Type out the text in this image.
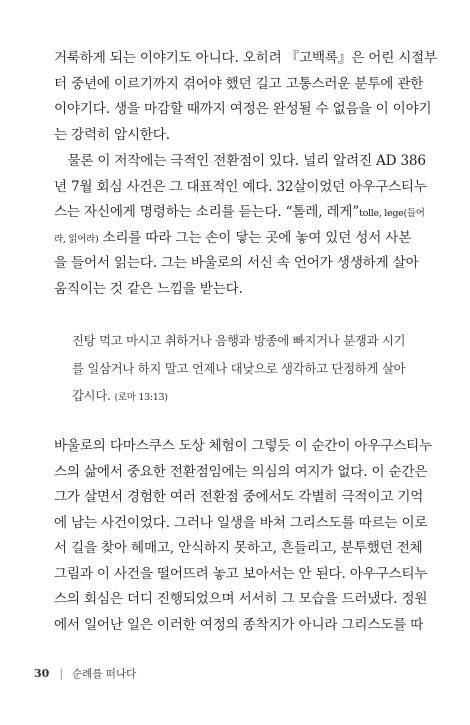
거룩하게 되는 이야기도 아니다. 오히려 『고백록』은 어린 시절부
터 중년에 이르기까지 겪어야 했던 길고 고통스러운 분투에 관한
이야기다. 생을 마감할 때까지 여정은 완성될 수 없음을 이 이야기
는 강력히 암시한다.
　물론 이 저작에는 극적인 전환점이 있다. 널리 알려진 AD 386
년 7월 회심 사건은 그 대표적인 예다. 32살이었던 아우구스티누
스는 자신에게 명령하는 소리를 듣는다. “톨레, 레게”tolle, lege(들어
라, 읽어라) 소리를 따라 그는 손이 닿는 곳에 놓여 있던 성서 사본
을 들어서 읽는다. 그는 바울로의 서신 속 언어가 생생하게 살아
움직이는 것 같은 느낌을 받는다.
진탕 먹고 마시고 취하거나 음행과 방종에 빠지거나 분쟁과 시기
를 일삼거나 하지 말고 언제나 대낮으로 생각하고 단정하게 살아
갑시다. (로마 13:13)
바울로의 다마스쿠스 도상 체험이 그렇듯 이 순간이 아우구스티누
스의 삶에서 중요한 전환점임에는 의심의 여지가 없다. 이 순간은
그가 살면서 경험한 여러 전환점 중에서도 각별히 극적이고 기억
에 남는 사건이었다. 그러나 일생을 바쳐 그리스도를 따르는 이로
서 길을 찾아 헤매고, 안식하지 못하고, 흔들리고, 분투했던 전체
그림과 이 사건을 떨어뜨려 놓고 보아서는 안 된다. 아우구스티누
스의 회심은 더디 진행되었으며 서서히 그 모습을 드러냈다. 정원
에서 일어난 일은 이러한 여정의 종착지가 아니라 그리스도를 따
30 | 순례를 떠나다
